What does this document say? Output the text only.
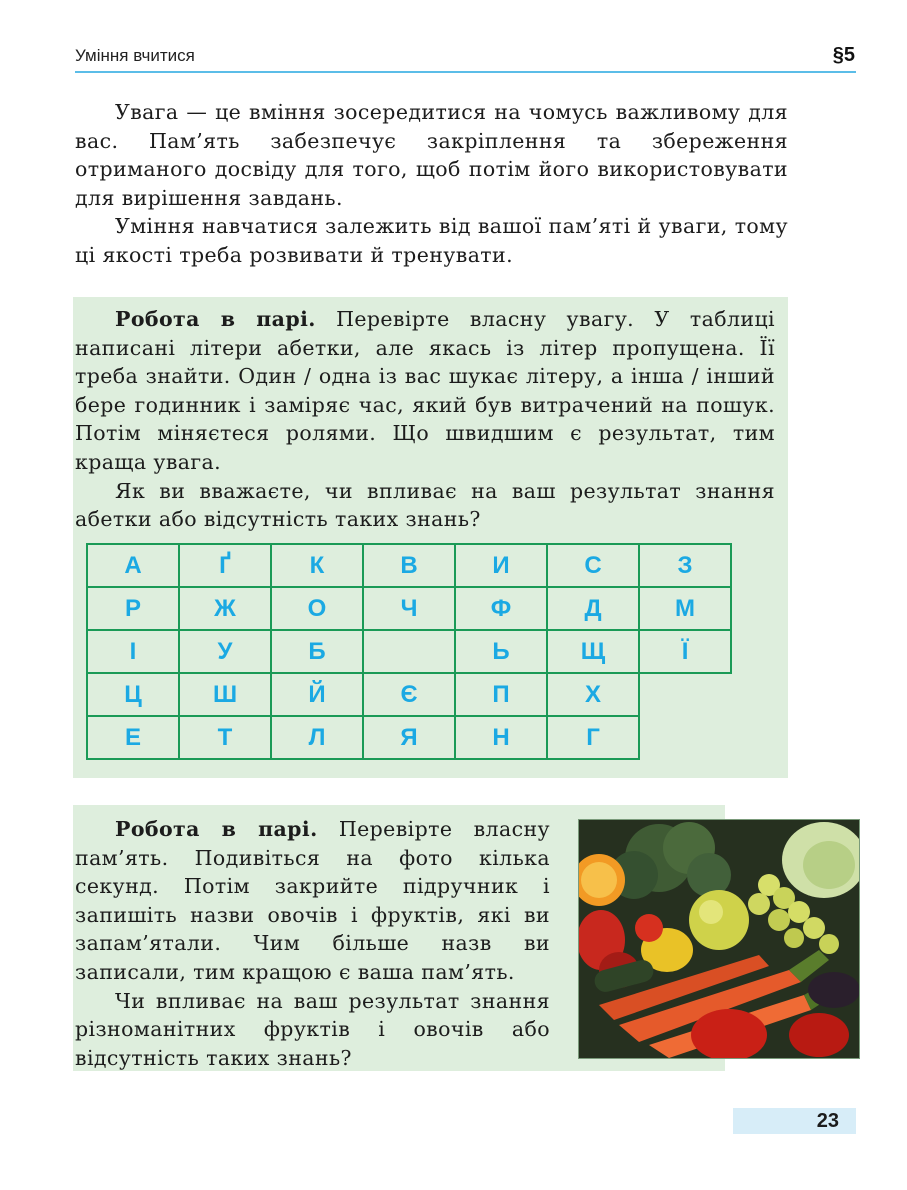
Уміння вчитися	§5

Увага — це вміння зосередитися на чомусь важливому для вас. Пам’ять забезпечує закріплення та збереження отриманого досвіду для того, щоб потім його використовувати для вирішення завдань.

Уміння навчатися залежить від вашої пам’яті й уваги, тому ці якості треба розвивати й тренувати.

Робота в парі. Перевірте власну увагу. У таблиці написані літери абетки, але якась із літер пропущена. Її треба знайти. Один / одна із вас шукає літеру, а інша / інший бере годинник і заміряє час, який був витрачений на пошук. Потім міняєтеся ролями. Що швидшим є результат, тим краща увага.

Як ви вважаєте, чи впливає на ваш результат знання абетки або відсутність таких знань?

А	Ґ	К	В	И	С	З
Р	Ж	О	Ч	Ф	Д	М
І	У	Б		Ь	Щ	Ї
Ц	Ш	Й	Є	П	Х	
Е	Т	Л	Я	Н	Г	

Робота в парі. Перевірте власну пам’ять. Подивіться на фото кілька секунд. Потім закрийте підручник і запишіть назви овочів і фруктів, які ви запам’ятали. Чим більше назв ви записали, тим кращою є ваша пам’ять.

Чи впливає на ваш результат знання різноманітних фруктів і овочів або відсутність таких знань?

23
